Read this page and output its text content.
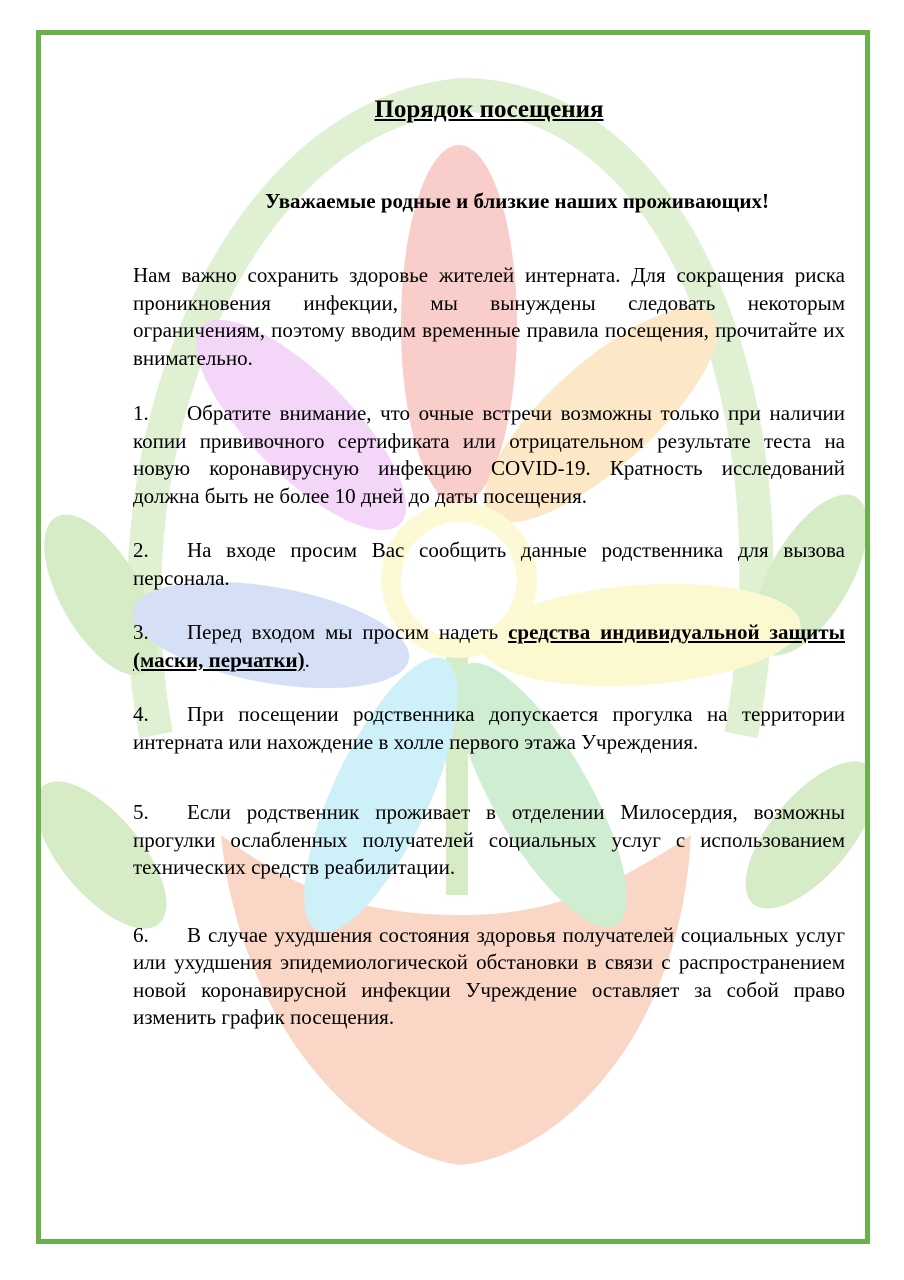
Порядок посещения
Уважаемые родные и близкие наших проживающих!

Нам важно сохранить здоровье жителей интерната. Для сокращения риска проникновения инфекции, мы вынуждены следовать некоторым ограничениям, поэтому вводим временные правила посещения, прочитайте их внимательно.

1. Обратите внимание, что очные встречи возможны только при наличии копии прививочного сертификата или отрицательном результате теста на новую коронавирусную инфекцию COVID-19. Кратность исследований должна быть не более 10 дней до даты посещения.

2. На входе просим Вас сообщить данные родственника для вызова персонала.

3. Перед входом мы просим надеть средства индивидуальной защиты (маски, перчатки).

4. При посещении родственника допускается прогулка на территории интерната или нахождение в холле первого этажа Учреждения.

5. Если родственник проживает в отделении Милосердия, возможны прогулки ослабленных получателей социальных услуг с использованием технических средств реабилитации.

6. В случае ухудшения состояния здоровья получателей социальных услуг или ухудшения эпидемиологической обстановки в связи с распространением новой коронавирусной инфекции Учреждение оставляет за собой право изменить график посещения.
